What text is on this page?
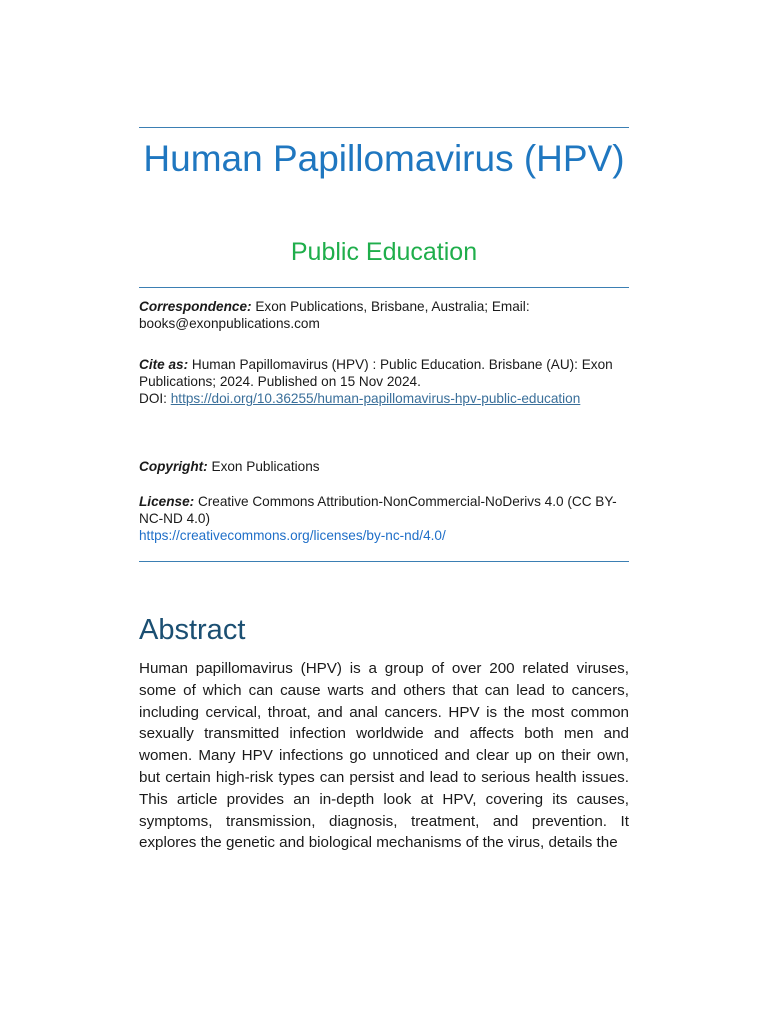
Human Papillomavirus (HPV)
Public Education
Correspondence: Exon Publications, Brisbane, Australia; Email: books@exonpublications.com
Cite as: Human Papillomavirus (HPV) : Public Education. Brisbane (AU): Exon Publications; 2024. Published on 15 Nov 2024.
DOI: https://doi.org/10.36255/human-papillomavirus-hpv-public-education
Copyright: Exon Publications
License: Creative Commons Attribution-NonCommercial-NoDerivs 4.0 (CC BY-NC-ND 4.0)
https://creativecommons.org/licenses/by-nc-nd/4.0/
Abstract

Human papillomavirus (HPV) is a group of over 200 related viruses, some of which can cause warts and others that can lead to cancers, including cervical, throat, and anal cancers. HPV is the most common sexually transmitted infection worldwide and affects both men and women. Many HPV infections go unnoticed and clear up on their own, but certain high-risk types can persist and lead to serious health issues. This article provides an in-depth look at HPV, covering its causes, symptoms, transmission, diagnosis, treatment, and prevention. It explores the genetic and biological mechanisms of the virus, details the
